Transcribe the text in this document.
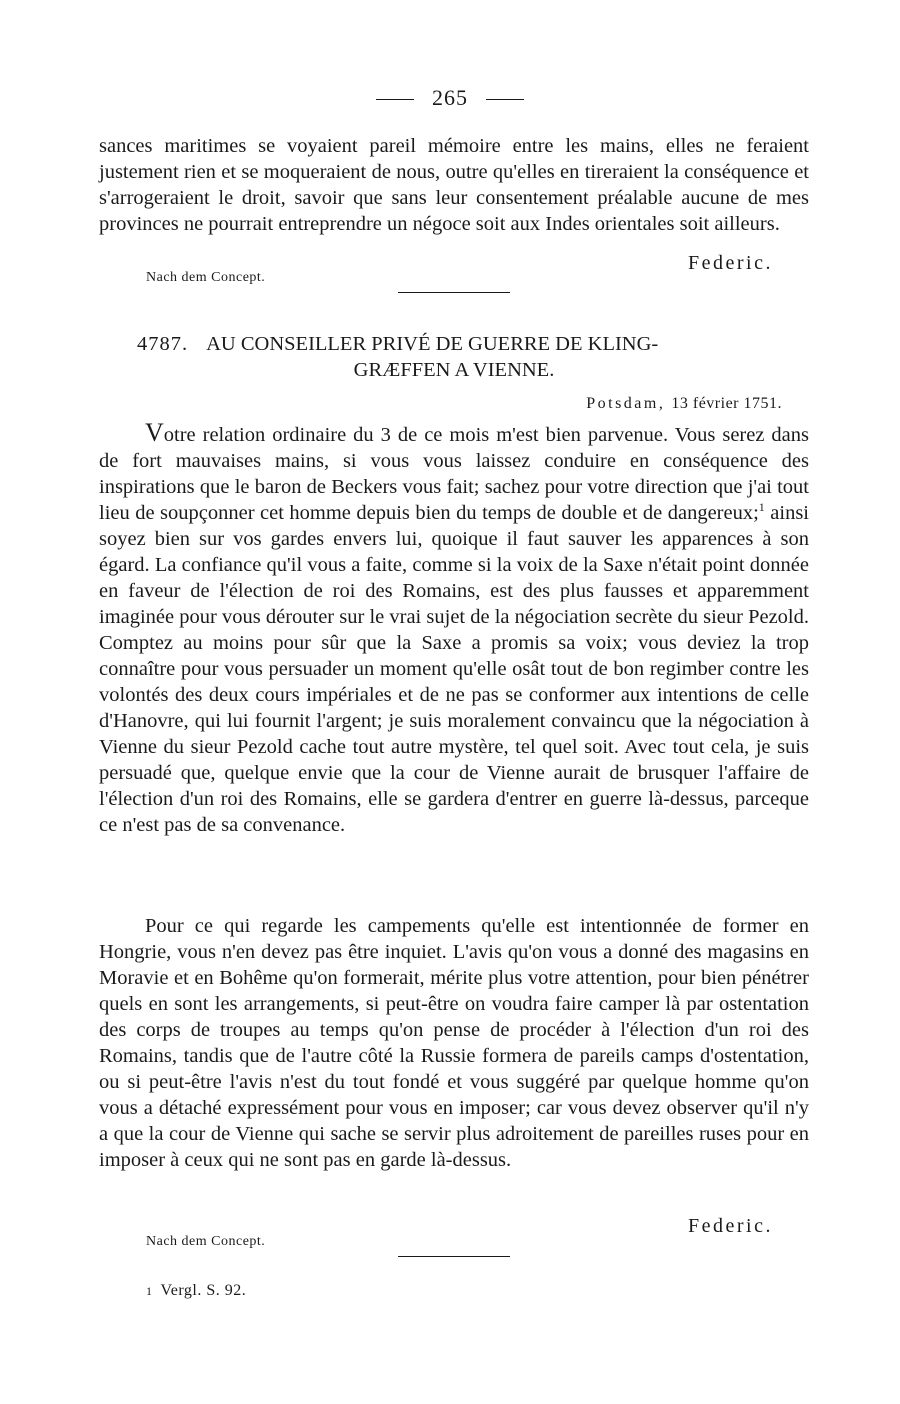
265

sances maritimes se voyaient pareil mémoire entre les mains, elles ne feraient justement rien et se moqueraient de nous, outre qu'elles en tireraient la conséquence et s'arrogeraient le droit, savoir que sans leur consentement préalable aucune de mes provinces ne pourrait entreprendre un négoce soit aux Indes orientales soit ailleurs.

Federic.
Nach dem Concept.
4787. AU CONSEILLER PRIVÉ DE GUERRE DE KLING-
GRÆFFEN A VIENNE.
Potsdam, 13 février 1751.

Votre relation ordinaire du 3 de ce mois m'est bien parvenue. Vous serez dans de fort mauvaises mains, si vous vous laissez conduire en conséquence des inspirations que le baron de Beckers vous fait; sachez pour votre direction que j'ai tout lieu de soupçonner cet homme depuis bien du temps de double et de dangereux;$^1$ ainsi soyez bien sur vos gardes envers lui, quoique il faut sauver les apparences à son égard. La confiance qu'il vous a faite, comme si la voix de la Saxe n'était point donnée en faveur de l'élection de roi des Romains, est des plus fausses et apparemment imaginée pour vous dérouter sur le vrai sujet de la négociation secrète du sieur Pezold. Comptez au moins pour sûr que la Saxe a promis sa voix; vous deviez la trop connaître pour vous persuader un moment qu'elle osât tout de bon regimber contre les volontés des deux cours impériales et de ne pas se conformer aux intentions de celle d'Hanovre, qui lui fournit l'argent; je suis moralement convaincu que la négociation à Vienne du sieur Pezold cache tout autre mystère, tel quel soit. Avec tout cela, je suis persuadé que, quelque envie que la cour de Vienne aurait de brusquer l'affaire de l'élection d'un roi des Romains, elle se gardera d'entrer en guerre là-dessus, parceque ce n'est pas de sa convenance.

Pour ce qui regarde les campements qu'elle est intentionnée de former en Hongrie, vous n'en devez pas être inquiet. L'avis qu'on vous a donné des magasins en Moravie et en Bohême qu'on formerait, mérite plus votre attention, pour bien pénétrer quels en sont les arrangements, si peut-être on voudra faire camper là par ostentation des corps de troupes au temps qu'on pense de procéder à l'élection d'un roi des Romains, tandis que de l'autre côté la Russie formera de pareils camps d'ostentation, ou si peut-être l'avis n'est du tout fondé et vous suggéré par quelque homme qu'on vous a détaché expressément pour vous en imposer; car vous devez observer qu'il n'y a que la cour de Vienne qui sache se servir plus adroitement de pareilles ruses pour en imposer à ceux qui ne sont pas en garde là-dessus.

Federic.
Nach dem Concept.
1 Vergl. S. 92.
